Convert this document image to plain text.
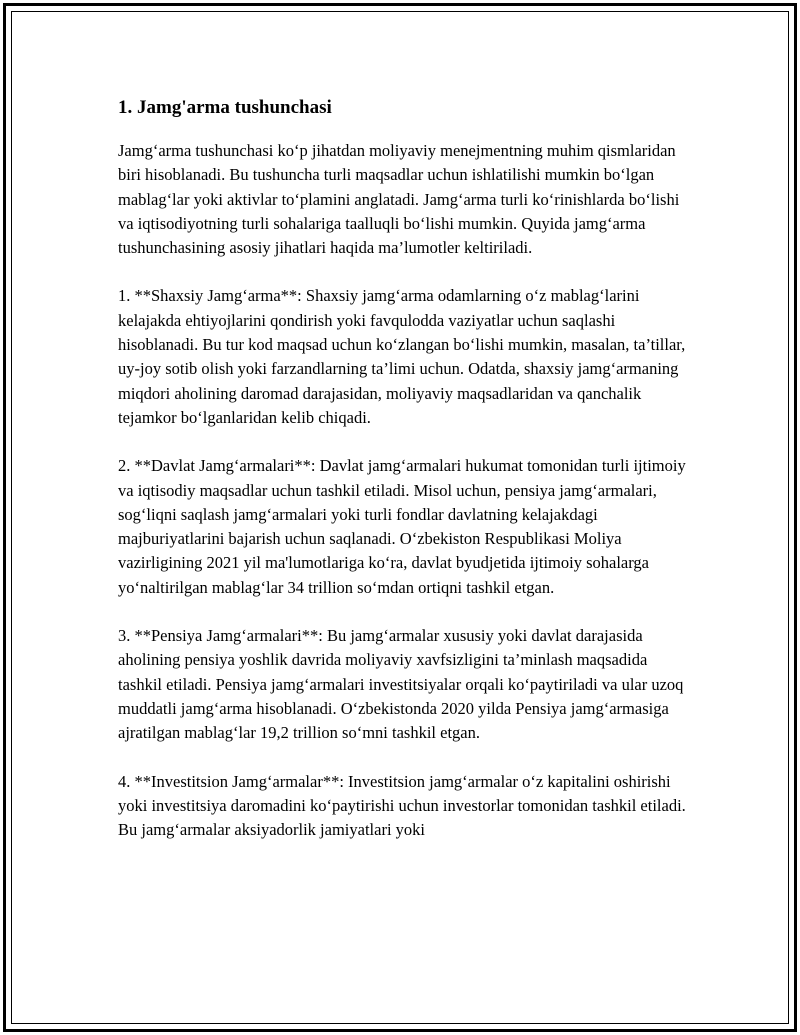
1. Jamg'arma tushunchasi

Jamg‘arma tushunchasi ko‘p jihatdan moliyaviy menejmentning muhim qismlaridan biri hisoblanadi. Bu tushuncha turli maqsadlar uchun ishlatilishi mumkin bo‘lgan mablag‘lar yoki aktivlar to‘plamini anglatadi. Jamg‘arma turli ko‘rinishlarda bo‘lishi va iqtisodiyotning turli sohalariga taalluqli bo‘lishi mumkin. Quyida jamg‘arma tushunchasining asosiy jihatlari haqida ma’lumotler keltiriladi.

1. **Shaxsiy Jamg‘arma**: Shaxsiy jamg‘arma odamlarning o‘z mablag‘larini kelajakda ehtiyojlarini qondirish yoki favqulodda vaziyatlar uchun saqlashi hisoblanadi. Bu tur kod maqsad uchun ko‘zlangan bo‘lishi mumkin, masalan, ta’tillar, uy-joy sotib olish yoki farzandlarning ta’limi uchun. Odatda, shaxsiy jamg‘armaning miqdori aholining daromad darajasidan, moliyaviy maqsadlaridan va qanchalik tejamkor bo‘lganlaridan kelib chiqadi.

2. **Davlat Jamg‘armalari**: Davlat jamg‘armalari hukumat tomonidan turli ijtimoiy va iqtisodiy maqsadlar uchun tashkil etiladi. Misol uchun, pensiya jamg‘armalari, sog‘liqni saqlash jamg‘armalari yoki turli fondlar davlatning kelajakdagi majburiyatlarini bajarish uchun saqlanadi. O‘zbekiston Respublikasi Moliya vazirligining 2021 yil ma'lumotlariga ko‘ra, davlat byudjetida ijtimoiy sohalarga yo‘naltirilgan mablag‘lar 34 trillion so‘mdan ortiqni tashkil etgan.

3. **Pensiya Jamg‘armalari**: Bu jamg‘armalar xususiy yoki davlat darajasida aholining pensiya yoshlik davrida moliyaviy xavfsizligini ta’minlash maqsadida tashkil etiladi. Pensiya jamg‘armalari investitsiyalar orqali ko‘paytiriladi va ular uzoq muddatli jamg‘arma hisoblanadi. O‘zbekistonda 2020 yilda Pensiya jamg‘armasiga ajratilgan mablag‘lar 19,2 trillion so‘mni tashkil etgan.

4. **Investitsion Jamg‘armalar**: Investitsion jamg‘armalar o‘z kapitalini oshirishi yoki investitsiya daromadini ko‘paytirishi uchun investorlar tomonidan tashkil etiladi. Bu jamg‘armalar aksiyadorlik jamiyatlari yoki
